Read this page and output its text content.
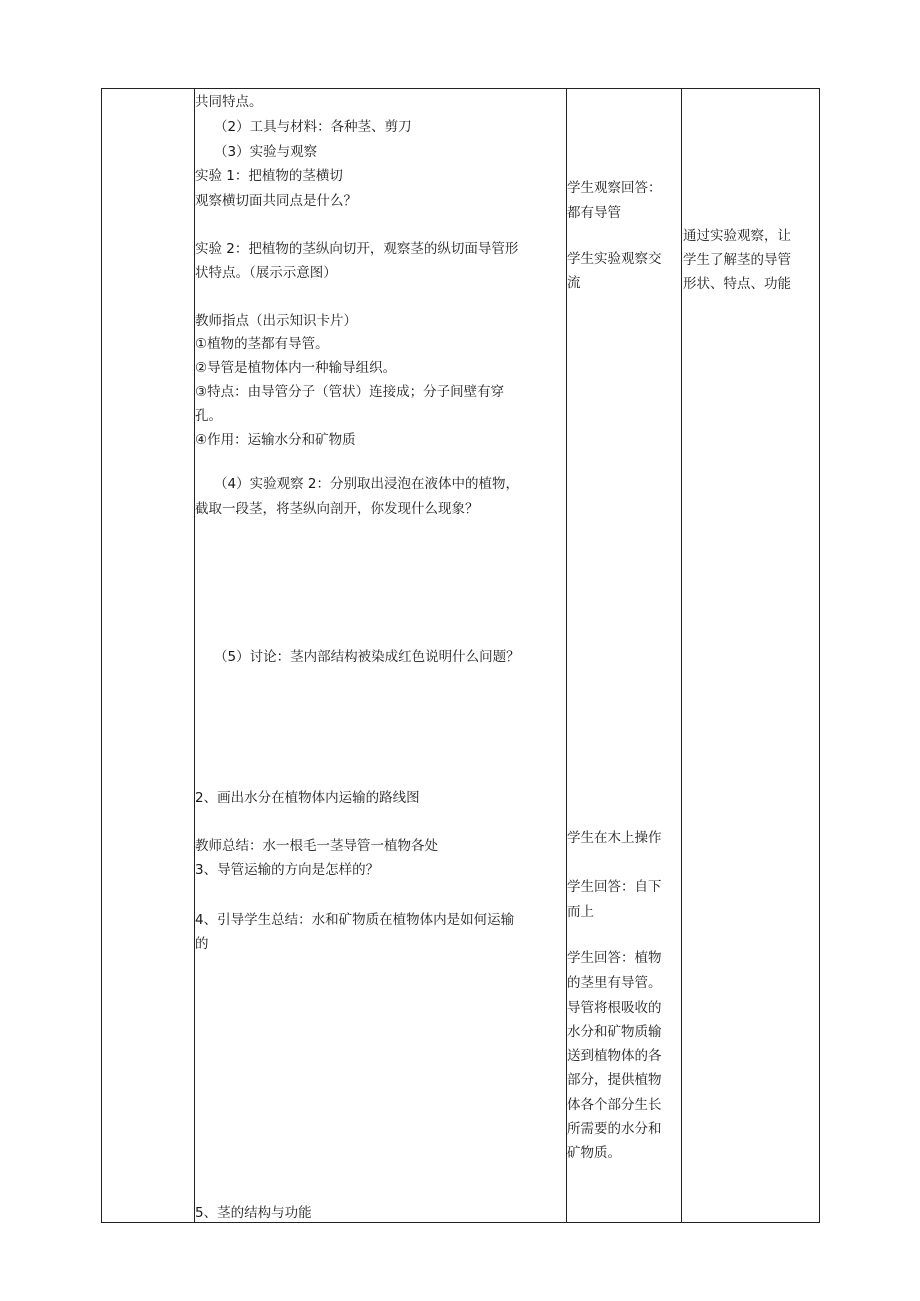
共同特点。
（2）工具与材料：各种茎、剪刀
（3）实验与观察
实验 1：把植物的茎横切
观察横切面共同点是什么？
实验 2：把植物的茎纵向切开，观察茎的纵切面导管形
状特点。（展示示意图）
教师指点（出示知识卡片）
①植物的茎都有导管。
②导管是植物体内一种输导组织。
③特点：由导管分子（管状）连接成；分子间壁有穿
孔。
④作用：运输水分和矿物质
（4）实验观察 2：分别取出浸泡在液体中的植物，
截取一段茎，将茎纵向剖开，你发现什么现象？
（5）讨论：茎内部结构被染成红色说明什么问题？
2、画出水分在植物体内运输的路线图
教师总结：水一根毛一茎导管一植物各处
3、导管运输的方向是怎样的？
4、引导学生总结：水和矿物质在植物体内是如何运输
的
5、茎的结构与功能
学生观察回答：
都有导管
学生实验观察交
流
学生在木上操作
学生回答：自下
而上
学生回答：植物
的茎里有导管。
导管将根吸收的
水分和矿物质输
送到植物体的各
部分，提供植物
体各个部分生长
所需要的水分和
矿物质。
通过实验观察，让
学生了解茎的导管
形状、特点、功能
